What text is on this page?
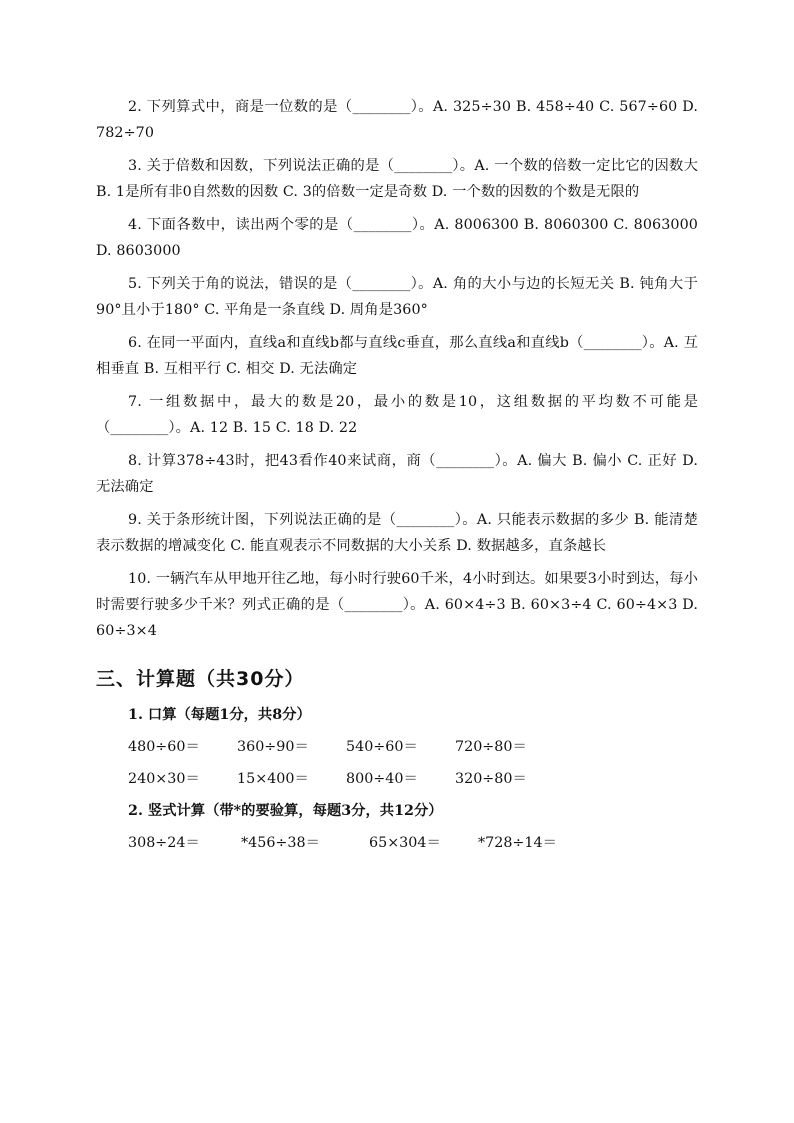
2. 下列算式中，商是一位数的是（________）。A. 325÷30 B. 458÷40 C. 567÷60 D. 782÷70

3. 关于倍数和因数，下列说法正确的是（________）。A. 一个数的倍数一定比它的因数大 B. 1是所有非0自然数的因数 C. 3的倍数一定是奇数 D. 一个数的因数的个数是无限的

4. 下面各数中，读出两个零的是（________）。A. 8006300 B. 8060300 C. 8063000 D. 8603000

5. 下列关于角的说法，错误的是（________）。A. 角的大小与边的长短无关 B. 钝角大于90°且小于180° C. 平角是一条直线 D. 周角是360°

6. 在同一平面内，直线a和直线b都与直线c垂直，那么直线a和直线b（________）。A. 互相垂直 B. 互相平行 C. 相交 D. 无法确定

7. 一组数据中，最大的数是20，最小的数是10，这组数据的平均数不可能是（________）。A. 12 B. 15 C. 18 D. 22

8. 计算378÷43时，把43看作40来试商，商（________）。A. 偏大 B. 偏小 C. 正好 D. 无法确定

9. 关于条形统计图，下列说法正确的是（________）。A. 只能表示数据的多少 B. 能清楚表示数据的增减变化 C. 能直观表示不同数据的大小关系 D. 数据越多，直条越长

10. 一辆汽车从甲地开往乙地，每小时行驶60千米，4小时到达。如果要3小时到达，每小时需要行驶多少千米？列式正确的是（________）。A. 60×4÷3 B. 60×3÷4 C. 60÷4×3 D. 60÷3×4

三、计算题（共30分）
1. 口算（每题1分，共8分）
480÷60＝	360÷90＝	540÷60＝	720÷80＝
240×30＝	15×400＝	800÷40＝	320÷80＝
2. 竖式计算（带*的要验算，每题3分，共12分）
308÷24＝	*456÷38＝	65×304＝	*728÷14＝
